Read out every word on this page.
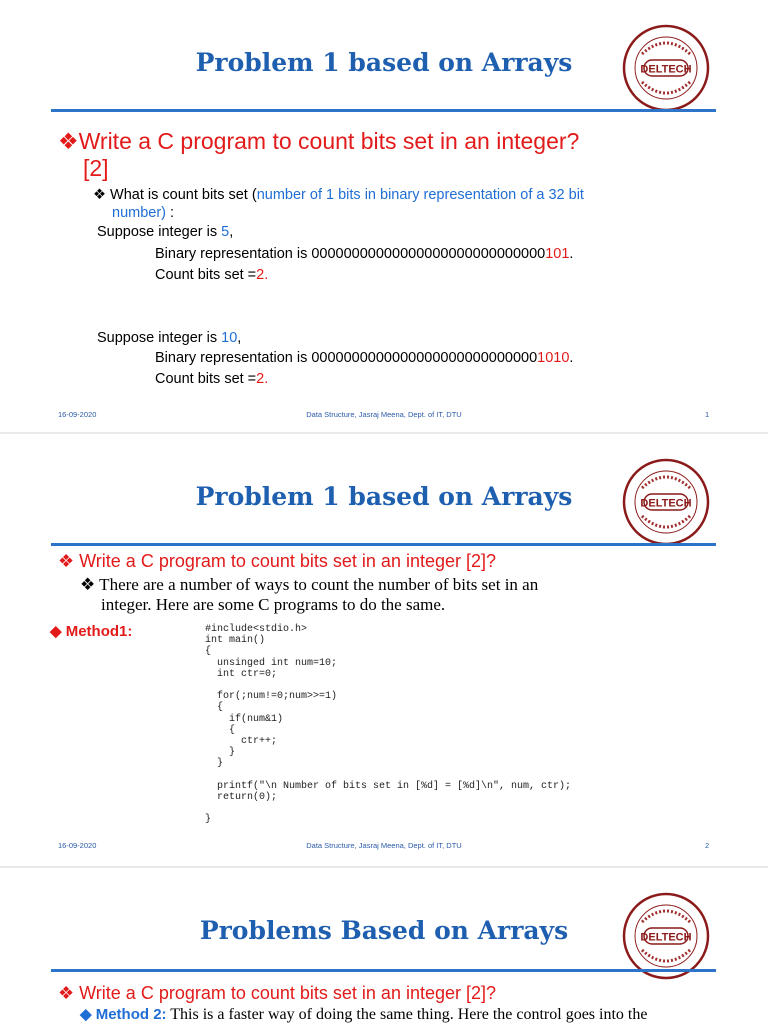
Problem 1 based on Arrays	DELTECH
❖Write a C program to count bits set in an integer?
[2]
❖ What is count bits set (number of 1 bits in binary representation of a 32 bit
number) :
Suppose integer is 5,
Binary representation is 00000000000000000000000000000101.
Count bits set =2.
Suppose integer is 10,
Binary representation is 00000000000000000000000000001010.
Count bits set =2.
16-09-2020	Data Structure, Jasraj Meena, Dept. of IT, DTU	1
Problem 1 based on Arrays	DELTECH
❖ Write a C program to count bits set in an integer [2]?
❖ There are a number of ways to count the number of bits set in an
integer. Here are some C programs to do the same.
◆ Method1:	#include<stdio.h>
int main()
{
unsinged int num=10;
int ctr=0;

for(;num!=0;num>>=1)
{
if(num&1)
{
ctr++;
}
}

printf("\n Number of bits set in [%d] = [%d]\n", num, ctr);
return(0);

}
16-09-2020	Data Structure, Jasraj Meena, Dept. of IT, DTU	2
Problems Based on Arrays	DELTECH
❖ Write a C program to count bits set in an integer [2]?
◆ Method 2: This is a faster way of doing the same thing. Here the control goes into the
